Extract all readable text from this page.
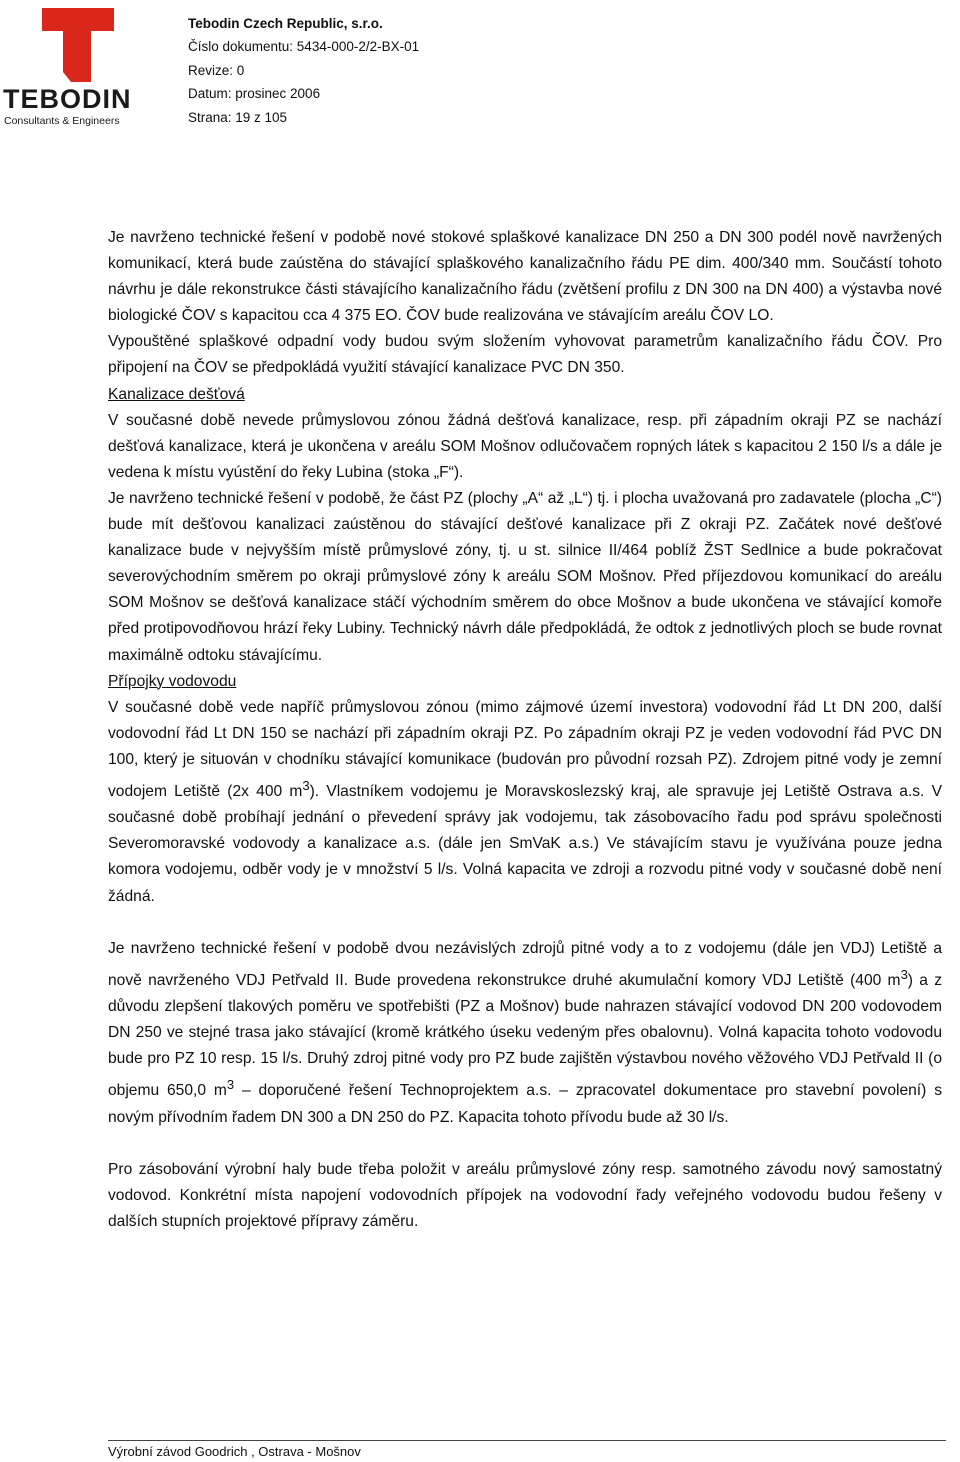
TEBODIN
Consultants & Engineers
Tebodin Czech Republic, s.r.o.
Číslo dokumentu: 5434-000-2/2-BX-01
Revize: 0
Datum: prosinec 2006
Strana: 19 z 105

Je navrženo technické řešení v podobě nové stokové splaškové kanalizace DN 250 a DN 300 podél nově navržených komunikací, která bude zaústěna do stávající splaškového kanalizačního řádu PE dim. 400/340 mm. Součástí tohoto návrhu je dále rekonstrukce části stávajícího kanalizačního řádu (zvětšení profilu z DN 300 na DN 400) a výstavba nové biologické ČOV s kapacitou cca 4 375 EO. ČOV bude realizována ve stávajícím areálu ČOV LO.

Vypouštěné splaškové odpadní vody budou svým složením vyhovovat parametrům kanalizačního řádu ČOV. Pro připojení na ČOV se předpokládá využití stávající kanalizace PVC DN 350.

Kanalizace dešťová

V současné době nevede průmyslovou zónou žádná dešťová kanalizace, resp. při západním okraji PZ se nachází dešťová kanalizace, která je ukončena v areálu SOM Mošnov odlučovačem ropných látek s kapacitou 2 150 l/s a dále je vedena k místu vyústění do řeky Lubina (stoka „F“).

Je navrženo technické řešení v podobě, že část PZ (plochy „A“ až „L“) tj. i plocha uvažovaná pro zadavatele (plocha „C“) bude mít dešťovou kanalizaci zaústěnou do stávající dešťové kanalizace při Z okraji PZ. Začátek nové dešťové kanalizace bude v nejvyšším místě průmyslové zóny, tj. u st. silnice II/464 poblíž ŽST Sedlnice a bude pokračovat severovýchodním směrem po okraji průmyslové zóny k areálu SOM Mošnov. Před příjezdovou komunikací do areálu SOM Mošnov se dešťová kanalizace stáčí východním směrem do obce Mošnov a bude ukončena ve stávající komoře před protipovodňovou hrází řeky Lubiny. Technický návrh dále předpokládá, že odtok z jednotlivých ploch se bude rovnat maximálně odtoku stávajícímu.

Přípojky vodovodu

V současné době vede napříč průmyslovou zónou (mimo zájmové území investora) vodovodní řád Lt DN 200, další vodovodní řád Lt DN 150 se nachází při západním okraji PZ. Po západním okraji PZ je veden vodovodní řád PVC DN 100, který je situován v chodníku stávající komunikace (budován pro původní rozsah PZ). Zdrojem pitné vody je zemní vodojem Letiště (2x 400 $m^3$). Vlastníkem vodojemu je Moravskoslezský kraj, ale spravuje jej Letiště Ostrava a.s. V současné době probíhají jednání o převedení správy jak vodojemu, tak zásobovacího řadu pod správu společnosti Severomoravské vodovody a kanalizace a.s. (dále jen SmVaK a.s.) Ve stávajícím stavu je využívána pouze jedna komora vodojemu, odběr vody je v množství 5 l/s. Volná kapacita ve zdroji a rozvodu pitné vody v současné době není žádná.

Je navrženo technické řešení v podobě dvou nezávislých zdrojů pitné vody a to z vodojemu (dále jen VDJ) Letiště a nově navrženého VDJ Petřvald II. Bude provedena rekonstrukce druhé akumulační komory VDJ Letiště (400 $m^3$) a z důvodu zlepšení tlakových poměru ve spotřebišti (PZ a Mošnov) bude nahrazen stávající vodovod DN 200 vodovodem DN 250 ve stejné trasa jako stávající (kromě krátkého úseku vedeným přes obalovnu). Volná kapacita tohoto vodovodu bude pro PZ 10 resp. 15 l/s. Druhý zdroj pitné vody pro PZ bude zajištěn výstavbou nového věžového VDJ Petřvald II (o objemu 650,0 $m^3$ – doporučené řešení Technoprojektem a.s. – zpracovatel dokumentace pro stavební povolení) s novým přívodním řadem DN 300 a DN 250 do PZ. Kapacita tohoto přívodu bude až 30 l/s.

Pro zásobování výrobní haly bude třeba položit v areálu průmyslové zóny resp. samotného závodu nový samostatný vodovod. Konkrétní místa napojení vodovodních přípojek na vodovodní řady veřejného vodovodu budou řešeny v dalších stupních projektové přípravy záměru.

Výrobní závod Goodrich , Ostrava - Mošnov
